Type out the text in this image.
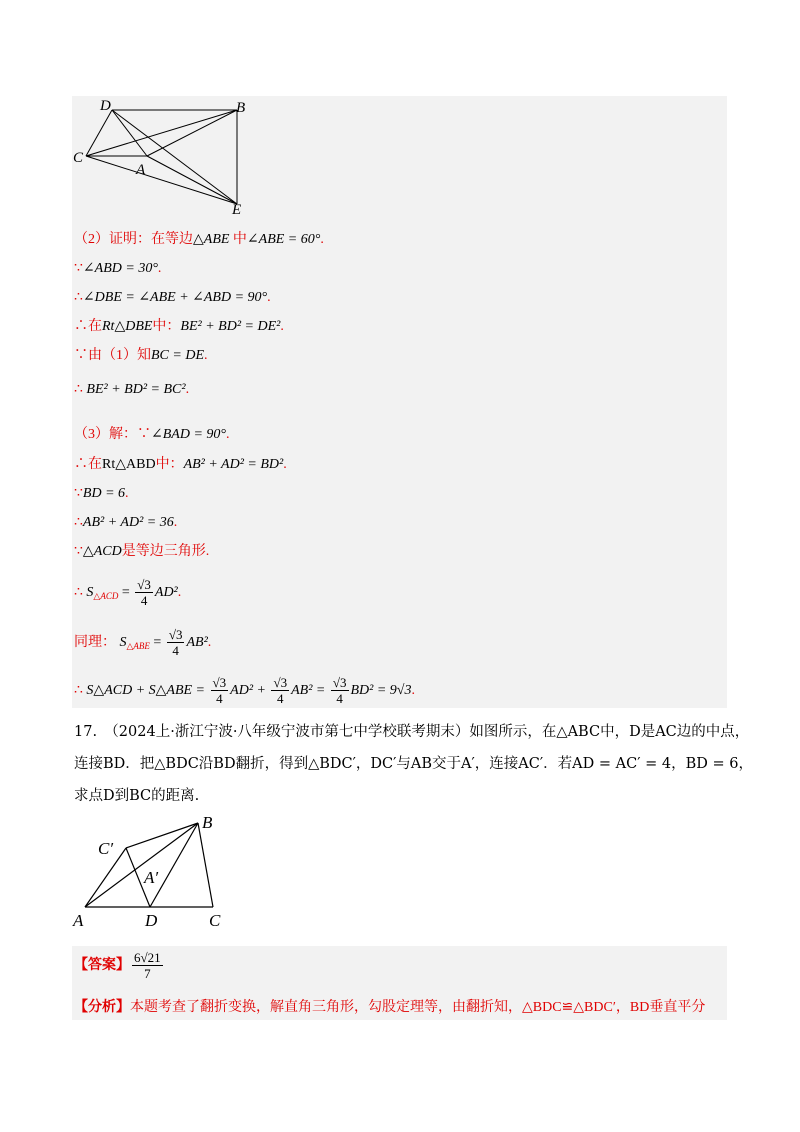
D	B
C
A
E
（2）证明：在等边△ABE 中∠ABE = 60°.
∵∠ABD = 30°.
∴∠DBE = ∠ABE + ∠ABD = 90°.
∴在Rt△DBE中：BE² + BD² = DE².
∵由（1）知BC = DE.
∴ BE² + BD² = BC².
（3）解：∵∠BAD = 90°.
∴在Rt△ABD中：AB² + AD² = BD².
∵BD = 6.
∴AB² + AD² = 36.
∵△ACD是等边三角形.
∴ $S_{\triangle ACD} = \frac{√3}{4} AD^2$.
同理： $S_{\triangle ABE} = \frac{√3}{4} AB^2$.
∴ S△ACD + S△ABE = $\frac{√3}{4} AD^2 + \frac{√3}{4} AB^2 = \frac{√3}{4} BD^2 = 9√3$.
17.　（2024上·浙江宁波·八年级宁波市第七中学校联考期末）如图所示，在△ABC中，D是AC边的中点，
连接BD．把△BDC沿BD翻折，得到△BDC′，DC′与AB交于A′，连接AC′．若AD = AC′ = 4，BD = 6，
求点D到BC的距离.
B
C′
A′
A	D	C
【答案】 $\frac{6√21}{7}$
【分析】本题考查了翻折变换，解直角三角形，勾股定理等，由翻折知，△BDC≌△BDC′，BD垂直平分
